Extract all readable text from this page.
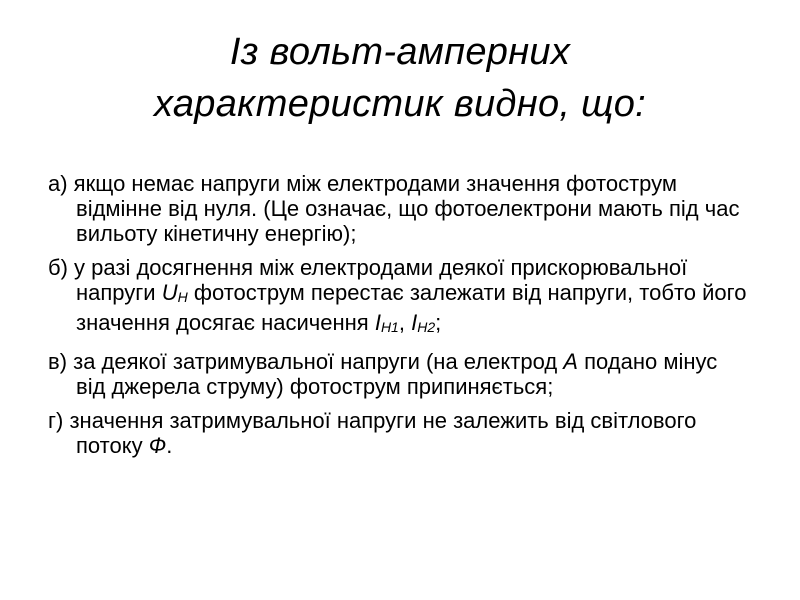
Із вольт-амперних
характеристик видно, що:
а) якщо немає напруги між електродами значення фотострум відмінне від нуля. (Це означає, що фотоелектрони мають під час вильоту кінетичну енергію);
б) у разі досягнення між електродами деякої прискорювальної напруги UН фотострум перестає залежати від напруги, тобто його значення досягає насичення IН1, IН2;
в) за деякої затримувальної напруги (на електрод А подано мінус від джерела струму) фотострум припиняється;
г) значення затримувальної напруги не залежить від світлового потоку Ф.
